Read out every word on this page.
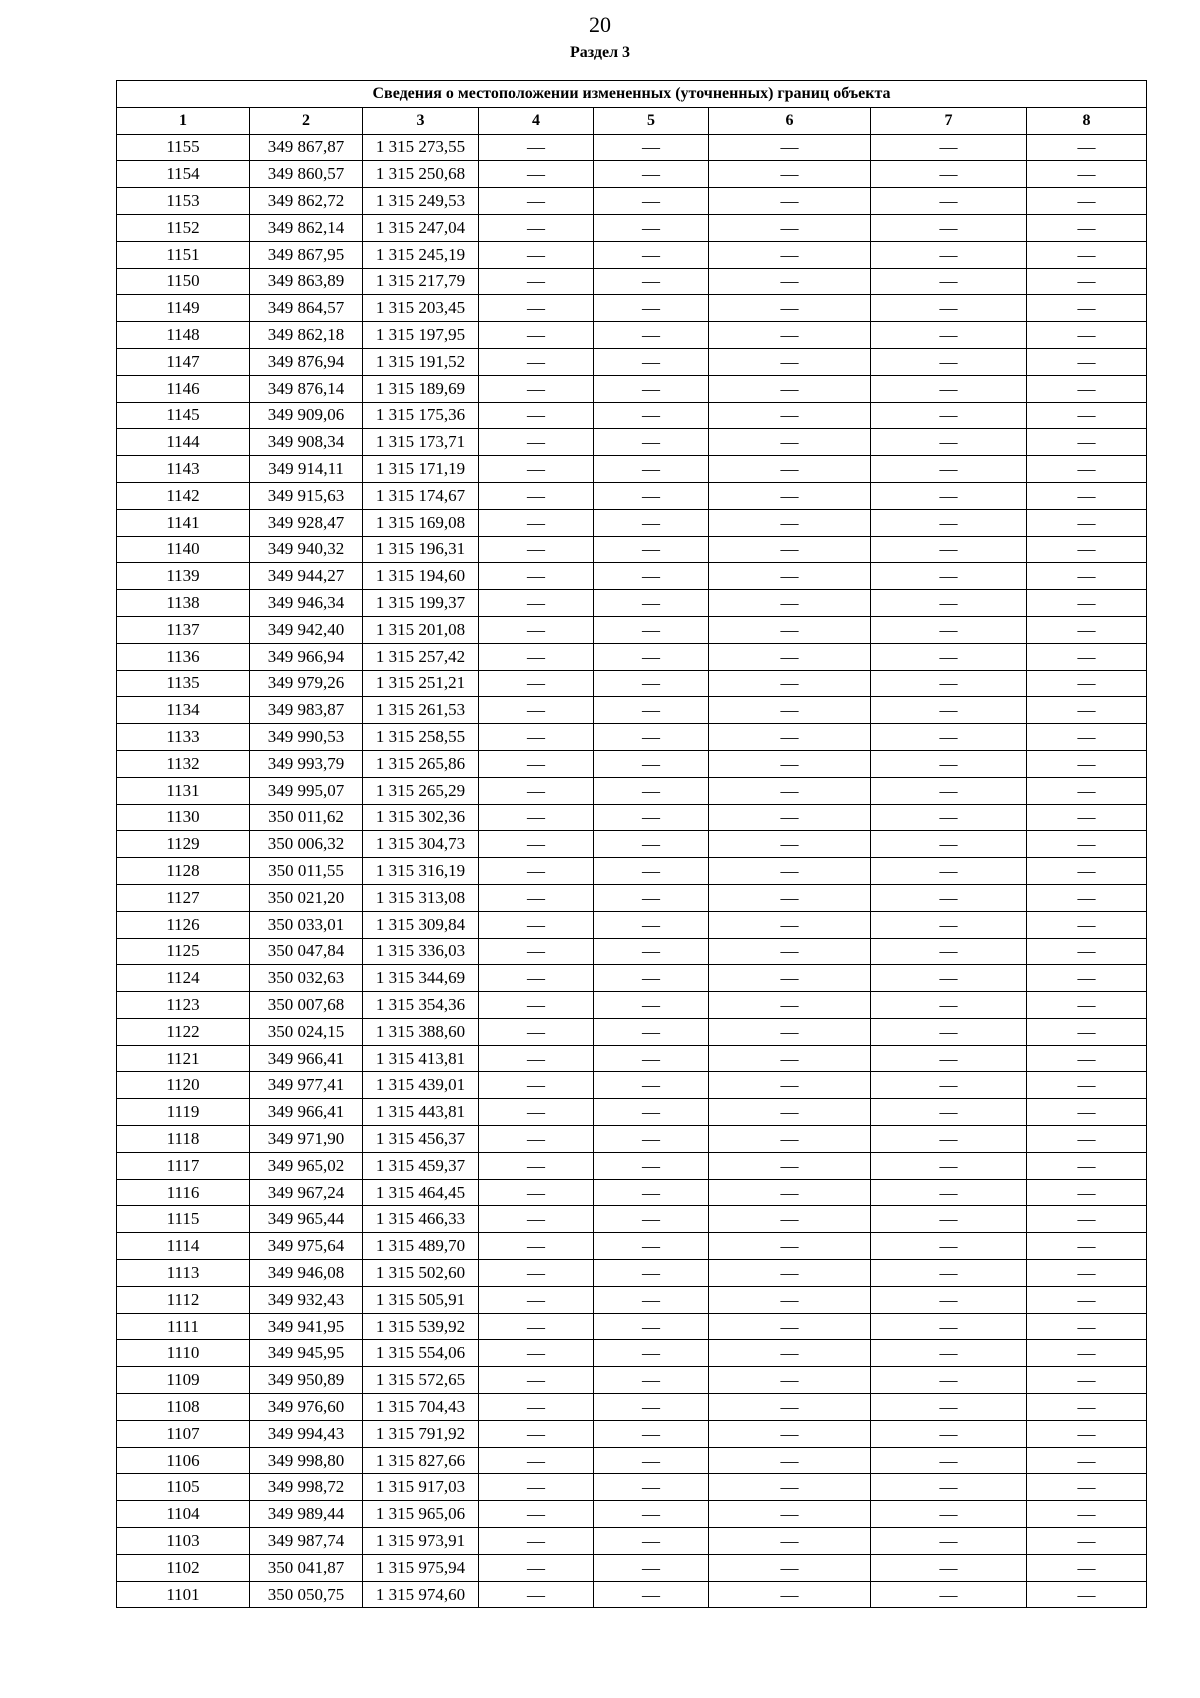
20
Раздел 3
Сведения о местоположении измененных (уточненных) границ объекта							
1	2	3	4	5	6	7	8
1155	349 867,87	1 315 273,55	—	—	—	—	—
1154	349 860,57	1 315 250,68	—	—	—	—	—
1153	349 862,72	1 315 249,53	—	—	—	—	—
1152	349 862,14	1 315 247,04	—	—	—	—	—
1151	349 867,95	1 315 245,19	—	—	—	—	—
1150	349 863,89	1 315 217,79	—	—	—	—	—
1149	349 864,57	1 315 203,45	—	—	—	—	—
1148	349 862,18	1 315 197,95	—	—	—	—	—
1147	349 876,94	1 315 191,52	—	—	—	—	—
1146	349 876,14	1 315 189,69	—	—	—	—	—
1145	349 909,06	1 315 175,36	—	—	—	—	—
1144	349 908,34	1 315 173,71	—	—	—	—	—
1143	349 914,11	1 315 171,19	—	—	—	—	—
1142	349 915,63	1 315 174,67	—	—	—	—	—
1141	349 928,47	1 315 169,08	—	—	—	—	—
1140	349 940,32	1 315 196,31	—	—	—	—	—
1139	349 944,27	1 315 194,60	—	—	—	—	—
1138	349 946,34	1 315 199,37	—	—	—	—	—
1137	349 942,40	1 315 201,08	—	—	—	—	—
1136	349 966,94	1 315 257,42	—	—	—	—	—
1135	349 979,26	1 315 251,21	—	—	—	—	—
1134	349 983,87	1 315 261,53	—	—	—	—	—
1133	349 990,53	1 315 258,55	—	—	—	—	—
1132	349 993,79	1 315 265,86	—	—	—	—	—
1131	349 995,07	1 315 265,29	—	—	—	—	—
1130	350 011,62	1 315 302,36	—	—	—	—	—
1129	350 006,32	1 315 304,73	—	—	—	—	—
1128	350 011,55	1 315 316,19	—	—	—	—	—
1127	350 021,20	1 315 313,08	—	—	—	—	—
1126	350 033,01	1 315 309,84	—	—	—	—	—
1125	350 047,84	1 315 336,03	—	—	—	—	—
1124	350 032,63	1 315 344,69	—	—	—	—	—
1123	350 007,68	1 315 354,36	—	—	—	—	—
1122	350 024,15	1 315 388,60	—	—	—	—	—
1121	349 966,41	1 315 413,81	—	—	—	—	—
1120	349 977,41	1 315 439,01	—	—	—	—	—
1119	349 966,41	1 315 443,81	—	—	—	—	—
1118	349 971,90	1 315 456,37	—	—	—	—	—
1117	349 965,02	1 315 459,37	—	—	—	—	—
1116	349 967,24	1 315 464,45	—	—	—	—	—
1115	349 965,44	1 315 466,33	—	—	—	—	—
1114	349 975,64	1 315 489,70	—	—	—	—	—
1113	349 946,08	1 315 502,60	—	—	—	—	—
1112	349 932,43	1 315 505,91	—	—	—	—	—
1111	349 941,95	1 315 539,92	—	—	—	—	—
1110	349 945,95	1 315 554,06	—	—	—	—	—
1109	349 950,89	1 315 572,65	—	—	—	—	—
1108	349 976,60	1 315 704,43	—	—	—	—	—
1107	349 994,43	1 315 791,92	—	—	—	—	—
1106	349 998,80	1 315 827,66	—	—	—	—	—
1105	349 998,72	1 315 917,03	—	—	—	—	—
1104	349 989,44	1 315 965,06	—	—	—	—	—
1103	349 987,74	1 315 973,91	—	—	—	—	—
1102	350 041,87	1 315 975,94	—	—	—	—	—
1101	350 050,75	1 315 974,60	—	—	—	—	—
